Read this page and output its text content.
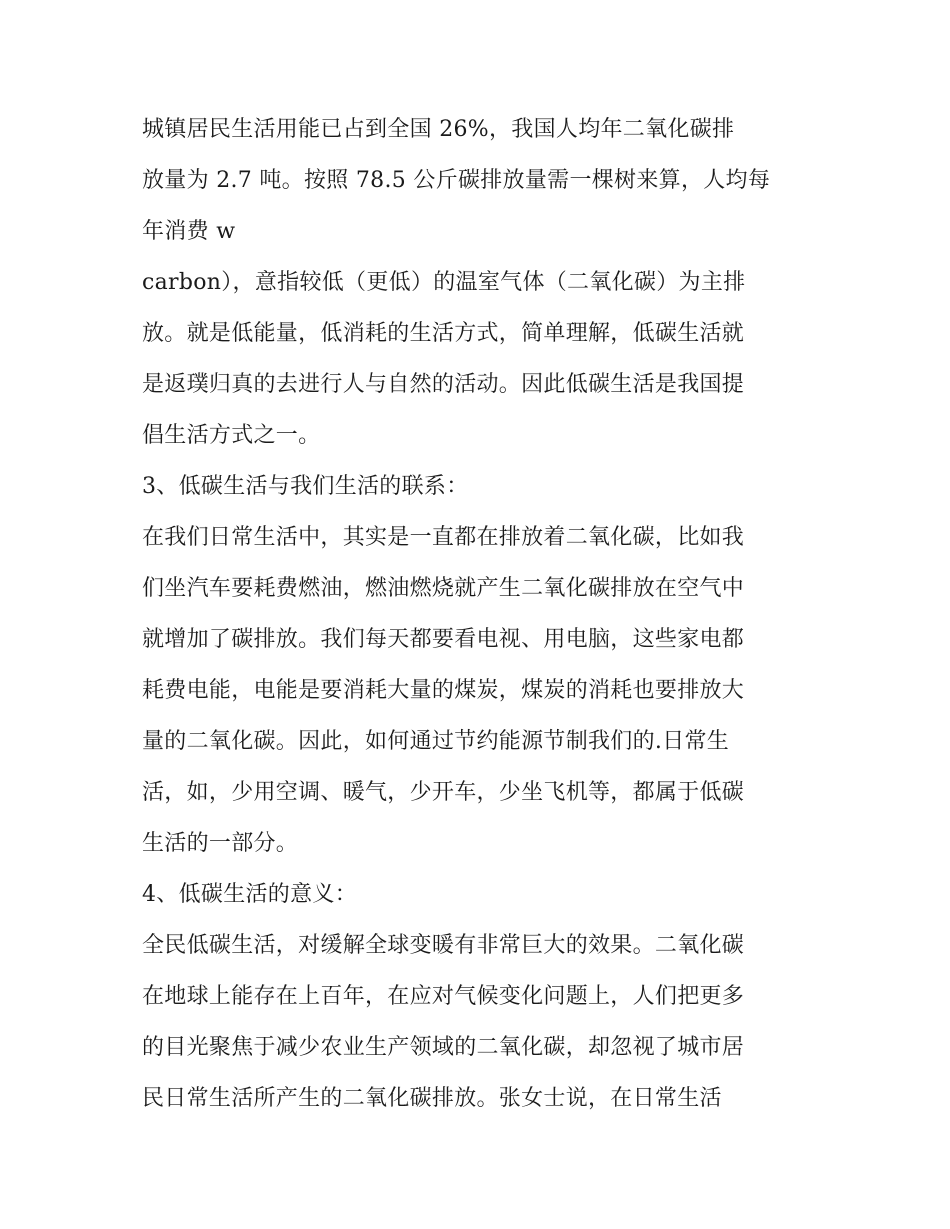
城镇居民生活用能已占到全国 26%，我国人均年二氧化碳排
放量为 2.7 吨。按照 78.5 公斤碳排放量需一棵树来算，人均每
年消费 w
carbon），意指较低（更低）的温室气体（二氧化碳）为主排
放。就是低能量，低消耗的生活方式，简单理解，低碳生活就
是返璞归真的去进行人与自然的活动。因此低碳生活是我国提
倡生活方式之一。
3、低碳生活与我们生活的联系：
在我们日常生活中，其实是一直都在排放着二氧化碳，比如我
们坐汽车要耗费燃油，燃油燃烧就产生二氧化碳排放在空气中
就增加了碳排放。我们每天都要看电视、用电脑，这些家电都
耗费电能，电能是要消耗大量的煤炭，煤炭的消耗也要排放大
量的二氧化碳。因此，如何通过节约能源节制我们的.日常生
活，如，少用空调、暖气，少开车，少坐飞机等，都属于低碳
生活的一部分。
4、低碳生活的意义：
全民低碳生活，对缓解全球变暖有非常巨大的效果。二氧化碳
在地球上能存在上百年，在应对气候变化问题上，人们把更多
的目光聚焦于减少农业生产领域的二氧化碳，却忽视了城市居
民日常生活所产生的二氧化碳排放。张女士说，在日常生活
